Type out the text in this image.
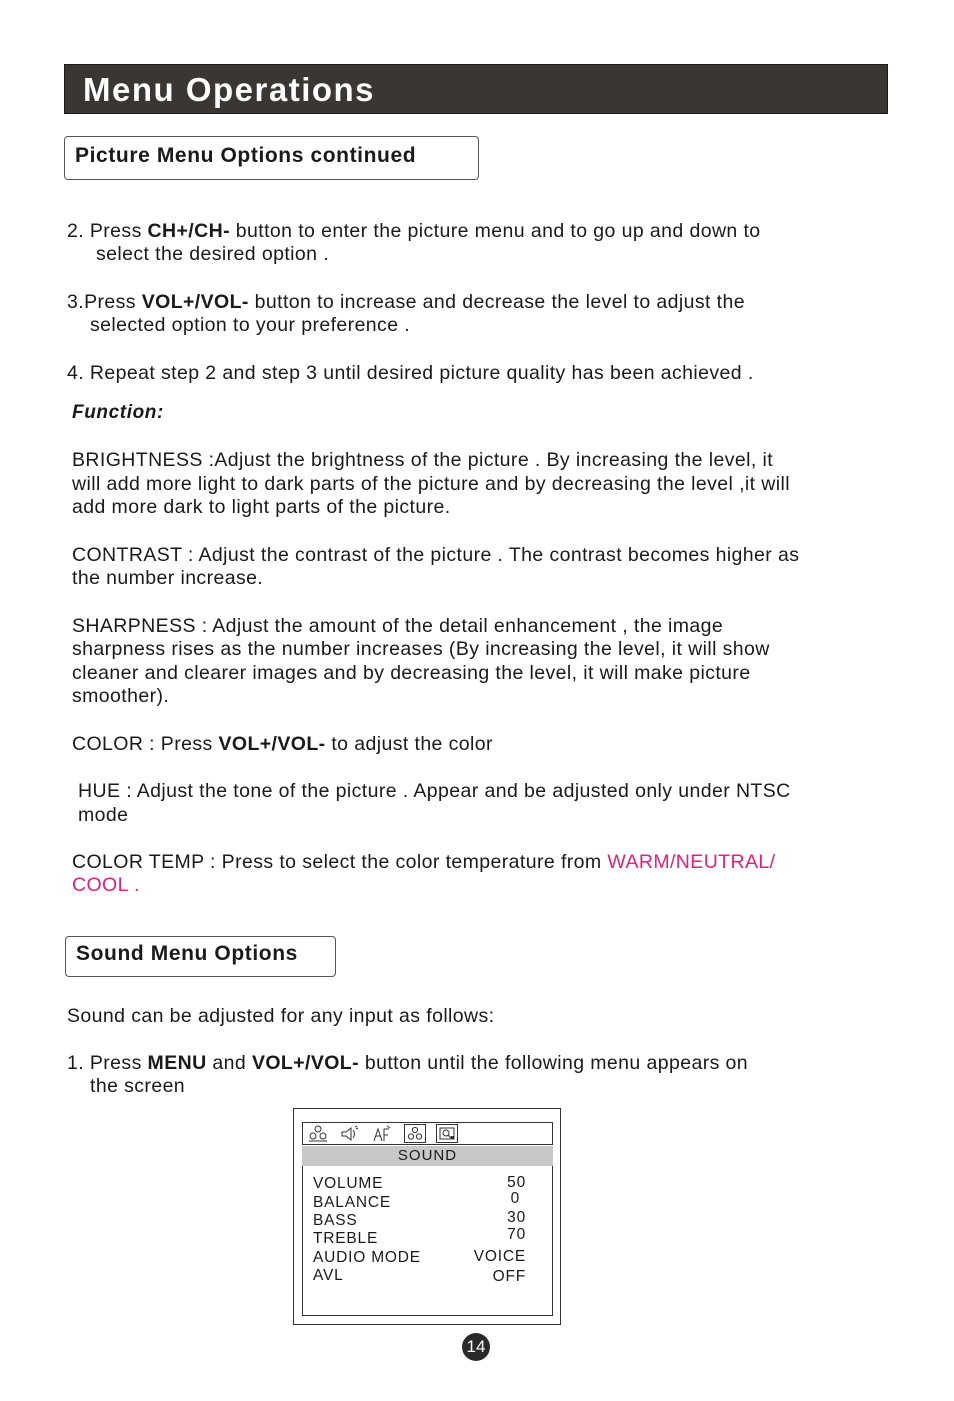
Menu Operations
Picture Menu Options continued
2. Press CH+/CH- button to enter the picture menu and to go up and down to
select the desired option .
3.Press VOL+/VOL- button to increase and decrease the level to adjust the
selected option to your preference .
4. Repeat step 2 and step 3 until desired picture quality has been achieved .
Function:
BRIGHTNESS :Adjust the brightness of the picture . By increasing the level, it
will add more light to dark parts of the picture and by decreasing the level ,it will
add more dark to light parts of the picture.
CONTRAST : Adjust the contrast of the picture . The contrast becomes higher as
the number increase.
SHARPNESS : Adjust the amount of the detail enhancement , the image
sharpness rises as the number increases (By increasing the level, it will show
cleaner and clearer images and by decreasing the level, it will make picture
smoother).
COLOR : Press VOL+/VOL- to adjust the color
HUE : Adjust the tone of the picture . Appear and be adjusted only under NTSC
mode
COLOR TEMP : Press to select the color temperature from WARM/NEUTRAL/
COOL .
Sound Menu Options
Sound can be adjusted for any input as follows:
1. Press MENU and VOL+/VOL- button until the following menu appears on
the screen
SOUND
VOLUME	50
BALANCE	0
BASS	30
TREBLE	70
AUDIO MODE	VOICE
AVL	OFF
14
